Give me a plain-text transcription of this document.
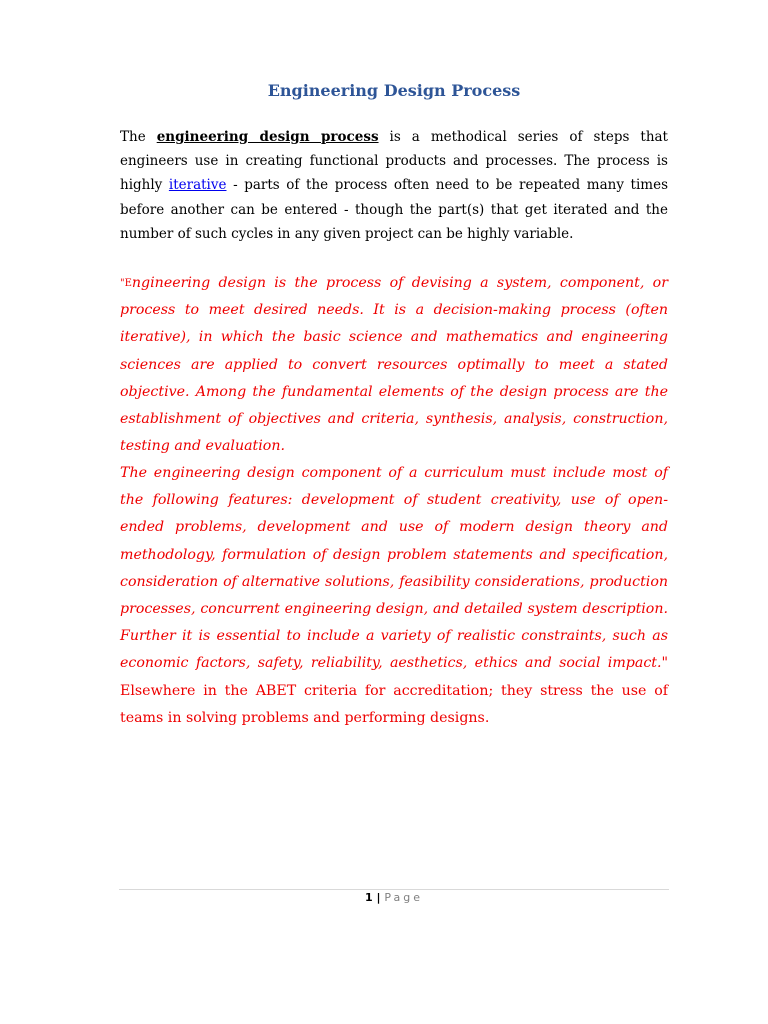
Engineering Design Process

The engineering design process is a methodical series of steps that engineers use in creating functional products and processes. The process is highly iterative - parts of the process often need to be repeated many times before another can be entered - though the part(s) that get iterated and the number of such cycles in any given project can be highly variable.

"Engineering design is the process of devising a system, component, or process to meet desired needs. It is a decision-making process (often iterative), in which the basic science and mathematics and engineering sciences are applied to convert resources optimally to meet a stated objective. Among the fundamental elements of the design process are the establishment of objectives and criteria, synthesis, analysis, construction, testing and evaluation.

The engineering design component of a curriculum must include most of the following features: development of student creativity, use of open-ended problems, development and use of modern design theory and methodology, formulation of design problem statements and specification, consideration of alternative solutions, feasibility considerations, production processes, concurrent engineering design, and detailed system description. Further it is essential to include a variety of realistic constraints, such as economic factors, safety, reliability, aesthetics, ethics and social impact." Elsewhere in the ABET criteria for accreditation; they stress the use of teams in solving problems and performing designs.

1 | Page
